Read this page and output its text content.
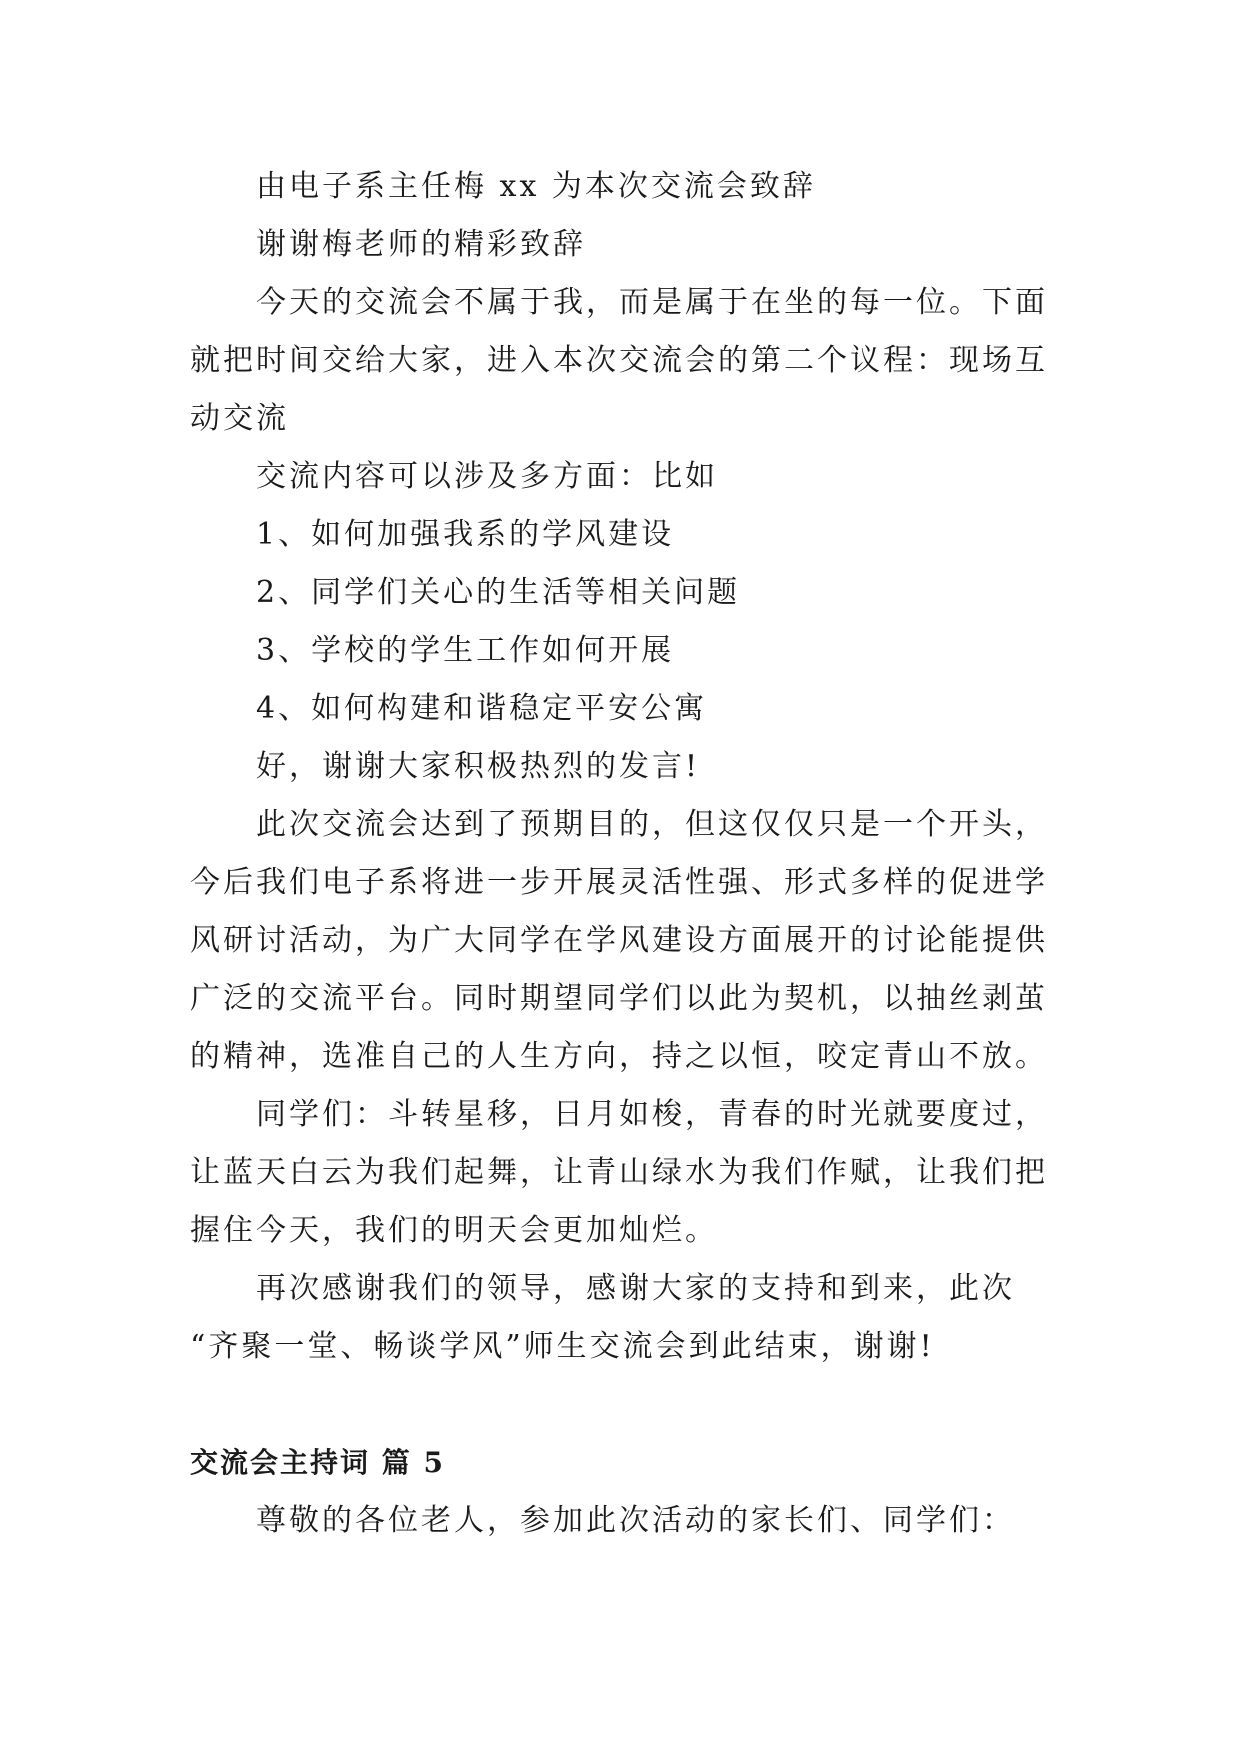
由电子系主任梅 xx 为本次交流会致辞

谢谢梅老师的精彩致辞

今天的交流会不属于我，而是属于在坐的每一位。下面

就把时间交给大家，进入本次交流会的第二个议程：现场互

动交流

交流内容可以涉及多方面：比如

1、如何加强我系的学风建设

2、同学们关心的生活等相关问题

3、学校的学生工作如何开展

4、如何构建和谐稳定平安公寓

好，谢谢大家积极热烈的发言!

此次交流会达到了预期目的，但这仅仅只是一个开头，

今后我们电子系将进一步开展灵活性强、形式多样的促进学

风研讨活动，为广大同学在学风建设方面展开的讨论能提供

广泛的交流平台。同时期望同学们以此为契机，以抽丝剥茧

的精神，选准自己的人生方向，持之以恒，咬定青山不放。

同学们：斗转星移，日月如梭，青春的时光就要度过，

让蓝天白云为我们起舞，让青山绿水为我们作赋，让我们把

握住今天，我们的明天会更加灿烂。

再次感谢我们的领导，感谢大家的支持和到来，此次

“齐聚一堂、畅谈学风”师生交流会到此结束，谢谢!

交流会主持词 篇 5

尊敬的各位老人，参加此次活动的家长们、同学们：
